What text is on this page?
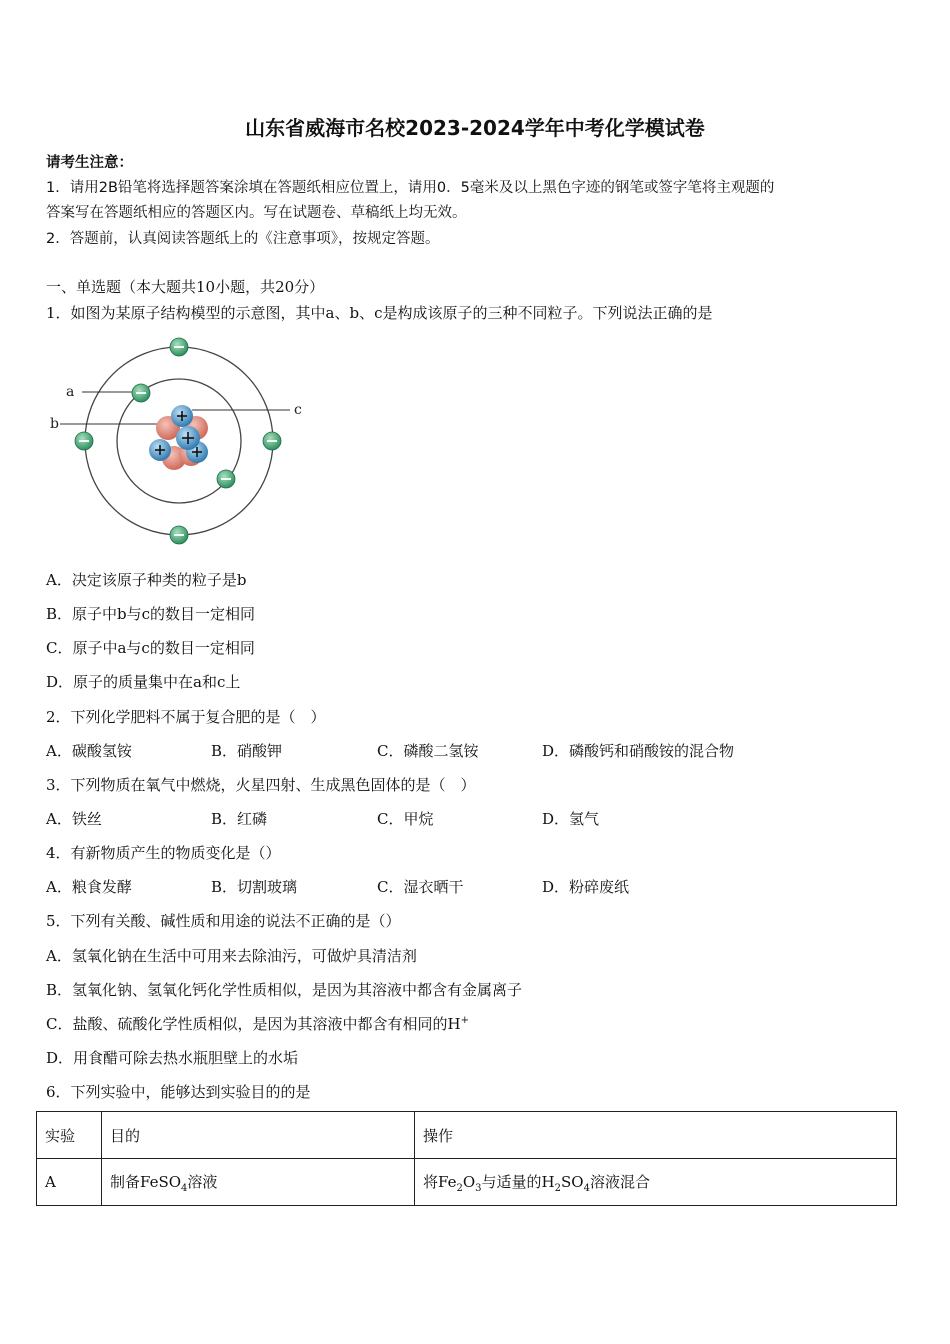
山东省威海市名校2023-2024学年中考化学模试卷
请考生注意：
1．请用2B铅笔将选择题答案涂填在答题纸相应位置上，请用0．5毫米及以上黑色字迹的钢笔或签字笔将主观题的
答案写在答题纸相应的答题区内。写在试题卷、草稿纸上均无效。
2．答题前，认真阅读答题纸上的《注意事项》，按规定答题。
一、单选题（本大题共10小题，共20分）
1．如图为某原子结构模型的示意图，其中a、b、c是构成该原子的三种不同粒子。下列说法正确的是
a
b
c
A．决定该原子种类的粒子是b
B．原子中b与c的数目一定相同
C．原子中a与c的数目一定相同
D．原子的质量集中在a和c上
2．下列化学肥料不属于复合肥的是（　）
A．碳酸氢铵	B．硝酸钾	C．磷酸二氢铵	D．磷酸钙和硝酸铵的混合物
3．下列物质在氧气中燃烧，火星四射、生成黑色固体的是（　）
A．铁丝	B．红磷	C．甲烷	D．氢气
4．有新物质产生的物质变化是（）
A．粮食发酵	B．切割玻璃	C．湿衣晒干	D．粉碎废纸
5．下列有关酸、碱性质和用途的说法不正确的是（）
A．氢氧化钠在生活中可用来去除油污，可做炉具清洁剂
B．氢氧化钠、氢氧化钙化学性质相似，是因为其溶液中都含有金属离子
C．盐酸、硫酸化学性质相似，是因为其溶液中都含有相同的H+
D．用食醋可除去热水瓶胆壁上的水垢
6．下列实验中，能够达到实验目的的是
实验	目的	操作
A	制备FeSO$_4$溶液	将$Fe_2O_3$与适量的$H_2SO_4$溶液混合
